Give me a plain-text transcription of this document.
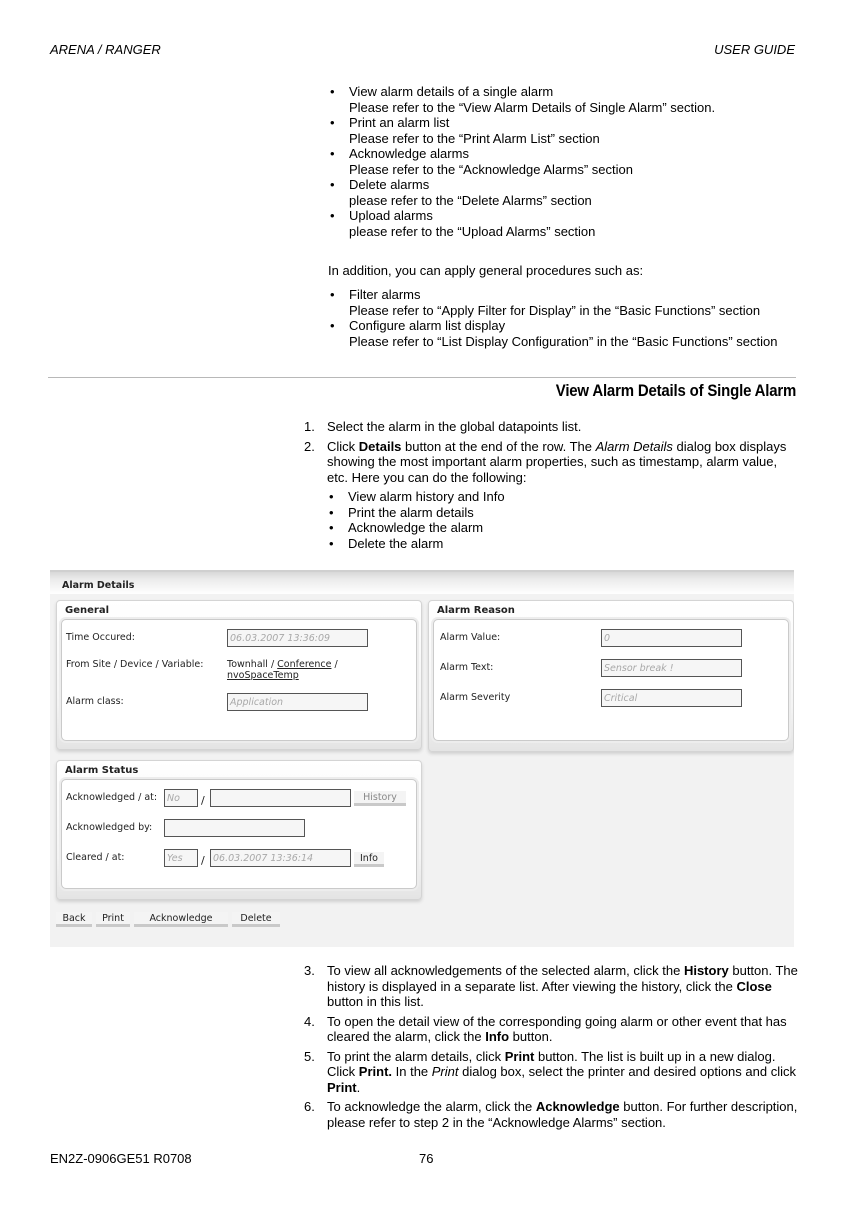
ARENA / RANGER	USER GUIDE
• View alarm details of a single alarm
Please refer to the “View Alarm Details of Single Alarm” section.
• Print an alarm list
Please refer to the “Print Alarm List” section
• Acknowledge alarms
Please refer to the “Acknowledge Alarms” section
• Delete alarms
please refer to the “Delete Alarms” section
• Upload alarms
please refer to the “Upload Alarms” section
In addition, you can apply general procedures such as:
• Filter alarms
Please refer to “Apply Filter for Display” in the “Basic Functions” section
• Configure alarm list display
Please refer to “List Display Configuration” in the “Basic Functions” section
View Alarm Details of Single Alarm
1. Select the alarm in the global datapoints list.
2. Click Details button at the end of the row. The Alarm Details dialog box displays showing the most important alarm properties, such as timestamp, alarm value, etc. Here you can do the following:
• View alarm history and Info
• Print the alarm details
• Acknowledge the alarm
• Delete the alarm
Alarm Details
General
Time Occured:	06.03.2007 13:36:09
From Site / Device / Variable: Townhall / Conference /
nvoSpaceTemp
Alarm class:	Application
Alarm Reason
Alarm Value:	0
Alarm Text:	Sensor break !
Alarm Severity	Critical
Alarm Status
Acknowledged / at:	No	/	History
Acknowledged by:
Cleared / at:	Yes	/ 06.03.2007 13:36:14	Info
Back	Print	Acknowledge	Delete
3. To view all acknowledgements of the selected alarm, click the History button. The history is displayed in a separate list. After viewing the history, click the Close button in this list.
4. To open the detail view of the corresponding going alarm or other event that has cleared the alarm, click the Info button.
5. To print the alarm details, click Print button. The list is built up in a new dialog. Click Print. In the Print dialog box, select the printer and desired options and click Print.
6. To acknowledge the alarm, click the Acknowledge button. For further description, please refer to step 2 in the “Acknowledge Alarms” section.
EN2Z-0906GE51 R0708	76
